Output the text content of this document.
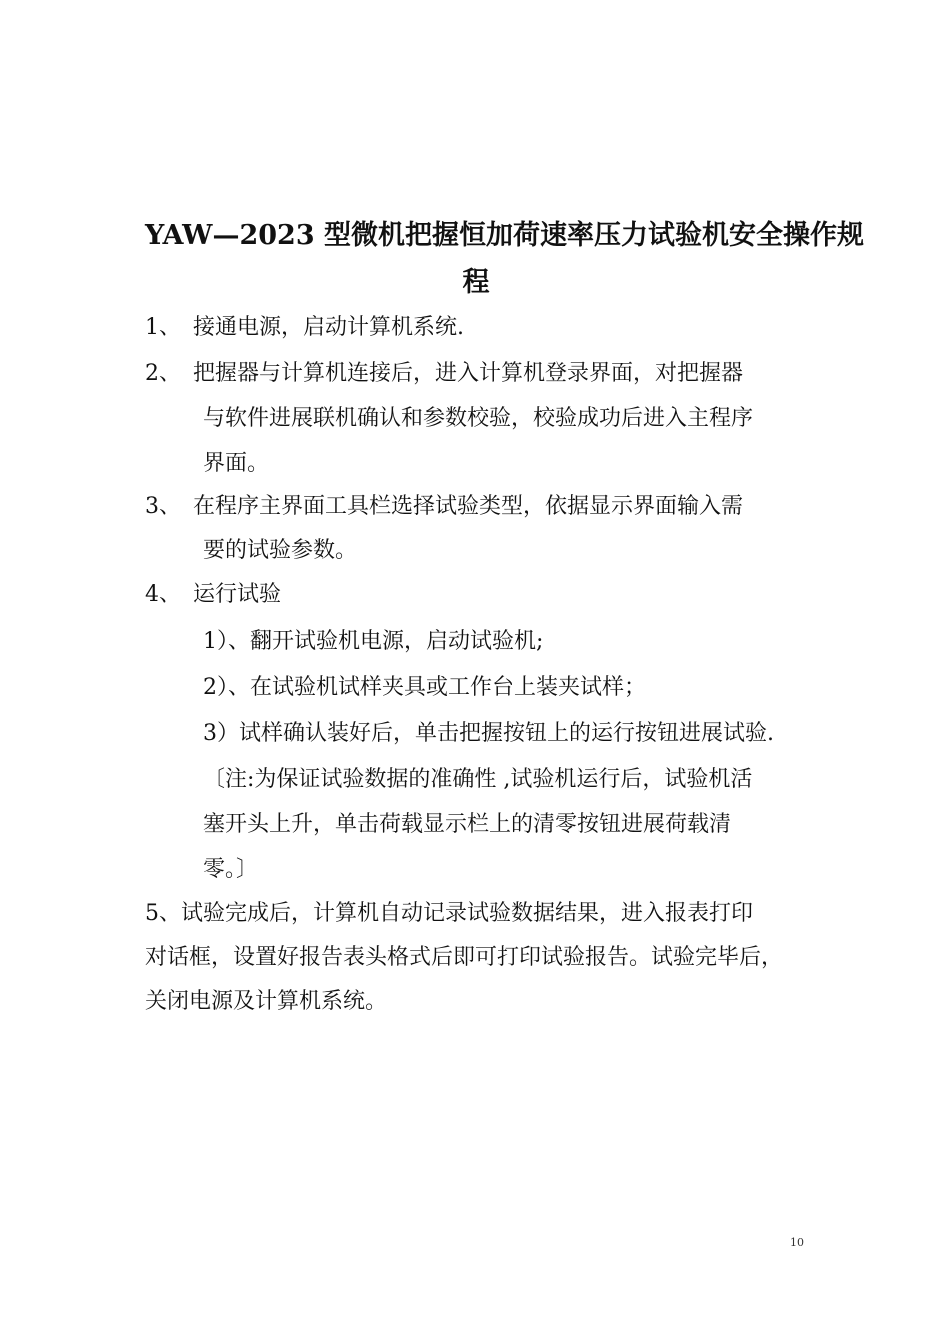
YAW—2023 型微机把握恒加荷速率压力试验机安全操作规
程
1、 接通电源，启动计算机系统.
2、 把握器与计算机连接后，进入计算机登录界面，对把握器
与软件进展联机确认和参数校验，校验成功后进入主程序
界面。
3、 在程序主界面工具栏选择试验类型，依据显示界面输入需
要的试验参数。
4、 运行试验
1）、翻开试验机电源，启动试验机;
2）、在试验机试样夹具或工作台上装夹试样；
3）试样确认装好后，单击把握按钮上的运行按钮进展试验.
〔注:为保证试验数据的准确性 ,试验机运行后，试验机活
塞开头上升，单击荷载显示栏上的清零按钮进展荷载清
零。〕
5、试验完成后，计算机自动记录试验数据结果，进入报表打印
对话框，设置好报告表头格式后即可打印试验报告。试验完毕后，
关闭电源及计算机系统。
10
